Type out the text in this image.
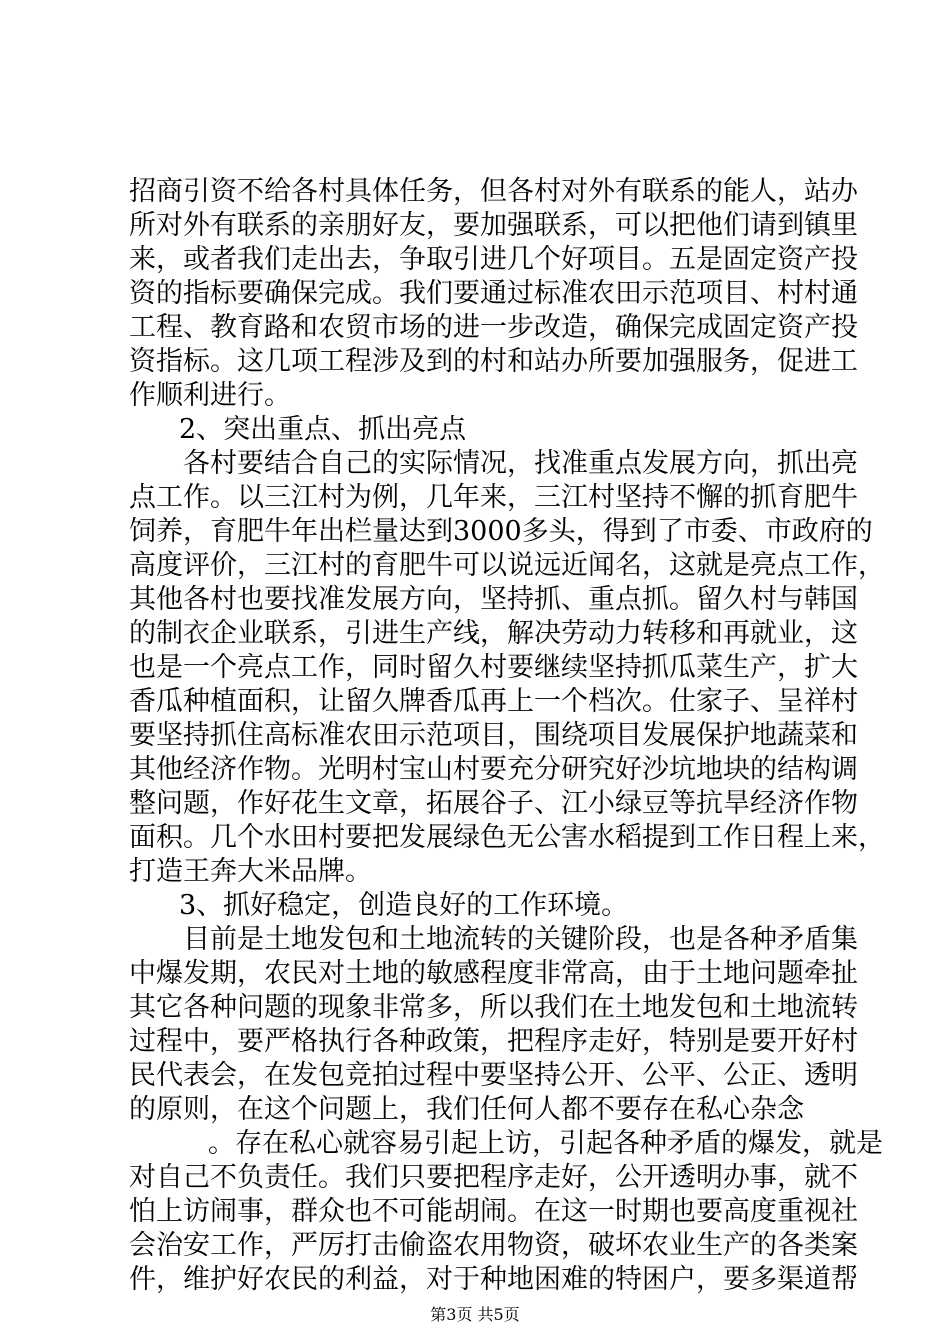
招商引资不给各村具体任务，但各村对外有联系的能人，站办
所对外有联系的亲朋好友，要加强联系，可以把他们请到镇里
来，或者我们走出去，争取引进几个好项目。五是固定资产投
资的指标要确保完成。我们要通过标准农田示范项目、村村通
工程、教育路和农贸市场的进一步改造，确保完成固定资产投
资指标。这几项工程涉及到的村和站办所要加强服务，促进工
作顺利进行。
2、突出重点、抓出亮点
各村要结合自己的实际情况，找准重点发展方向，抓出亮
点工作。以三江村为例，几年来，三江村坚持不懈的抓育肥牛
饲养，育肥牛年出栏量达到3000多头，得到了市委、市政府的
高度评价，三江村的育肥牛可以说远近闻名，这就是亮点工作，
其他各村也要找准发展方向，坚持抓、重点抓。留久村与韩国
的制衣企业联系，引进生产线，解决劳动力转移和再就业，这
也是一个亮点工作，同时留久村要继续坚持抓瓜菜生产，扩大
香瓜种植面积，让留久牌香瓜再上一个档次。仕家子、呈祥村
要坚持抓住高标准农田示范项目，围绕项目发展保护地蔬菜和
其他经济作物。光明村宝山村要充分研究好沙坑地块的结构调
整问题，作好花生文章，拓展谷子、江小绿豆等抗旱经济作物
面积。几个水田村要把发展绿色无公害水稻提到工作日程上来，
打造王奔大米品牌。
3、抓好稳定，创造良好的工作环境。
目前是土地发包和土地流转的关键阶段，也是各种矛盾集
中爆发期，农民对土地的敏感程度非常高，由于土地问题牵扯
其它各种问题的现象非常多，所以我们在土地发包和土地流转
过程中，要严格执行各种政策，把程序走好，特别是要开好村
民代表会，在发包竞拍过程中要坚持公开、公平、公正、透明
的原则，在这个问题上，我们任何人都不要存在私心杂念
。存在私心就容易引起上访，引起各种矛盾的爆发，就是
对自己不负责任。我们只要把程序走好，公开透明办事，就不
怕上访闹事，群众也不可能胡闹。在这一时期也要高度重视社
会治安工作，严厉打击偷盗农用物资，破坏农业生产的各类案
件，维护好农民的利益，对于种地困难的特困户，要多渠道帮
第3页 共5页
